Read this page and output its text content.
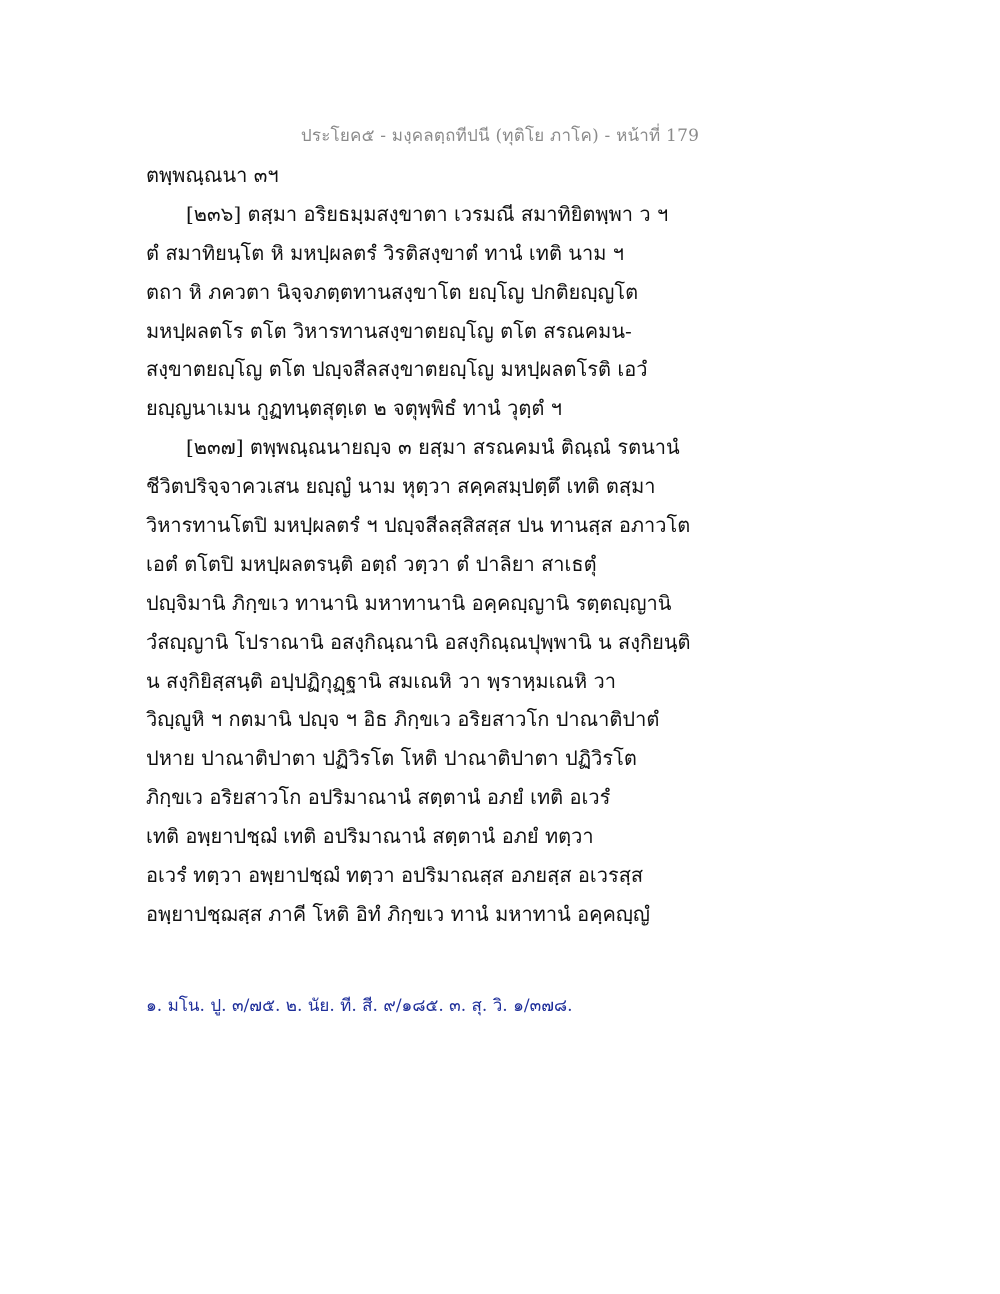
ประโยค๕ - มงฺคลตฺถทีปนี (ทุติโย ภาโค) - หน้าที่ 179
ตพฺพณฺณนา ๓ฯ
[๒๓๖] ตสฺมา อริยธมฺมสงฺขาตา เวรมณี สมาทิยิตพฺพา ว ฯ
ตํ สมาทิยนฺโต หิ มหปฺผลตรํ วิรติสงฺขาตํ ทานํ เทติ นาม ฯ
ตถา หิ ภควตา นิจฺจภตฺตทานสงฺขาโต ยญฺโญ ปกติยญฺญโต
มหปฺผลตโร ตโต วิหารทานสงฺขาตยญฺโญ ตโต สรณคมน-
สงฺขาตยญฺโญ ตโต ปญฺจสีลสงฺขาตยญฺโญ มหปฺผลตโรติ เอวํ
ยญฺญนาเมน กูฏทนฺตสุตฺเต ๒ จตุพฺพิธํ ทานํ วุตฺตํ ฯ
[๒๓๗] ตพฺพณฺณนายญฺจ ๓ ยสฺมา สรณคมนํ ติณฺณํ รตนานํ
ชีวิตปริจฺจาควเสน ยญฺญํ นาม หุตฺวา สคฺคสมฺปตฺตึ เทติ ตสฺมา
วิหารทานโตปิ มหปฺผลตรํ ฯ ปญฺจสีลสฺสิสสฺส ปน ทานสฺส อภาวโต
เอตํ ตโตปิ มหปฺผลตรนฺติ อตฺถํ วตฺวา ตํ ปาลิยา สาเธตุํ
ปญฺจิมานิ ภิกฺขเว ทานานิ มหาทานานิ อคฺคญฺญานิ รตฺตญฺญานิ
วํสญฺญานิ โปราณานิ อสงฺกิณฺณานิ อสงฺกิณฺณปุพฺพานิ น สงฺกิยนฺติ
น สงฺกิยิสฺสนฺติ อปฺปฏิกุฏฺฐานิ สมเณหิ วา พฺราหฺมเณหิ วา
วิญฺญูหิ ฯ กตมานิ ปญฺจ ฯ อิธ ภิกฺขเว อริยสาวโก ปาณาติปาตํ
ปหาย ปาณาติปาตา ปฏิวิรโต โหติ ปาณาติปาตา ปฏิวิรโต
ภิกฺขเว อริยสาวโก อปริมาณานํ สตฺตานํ อภยํ เทติ อเวรํ
เทติ อพฺยาปชฺฌํ เทติ อปริมาณานํ สตฺตานํ อภยํ ทตฺวา
อเวรํ ทตฺวา อพฺยาปชฺฌํ ทตฺวา อปริมาณสฺส อภยสฺส อเวรสฺส
อพฺยาปชฺฌสฺส ภาคี โหติ อิทํ ภิกฺขเว ทานํ มหาทานํ อคฺคญฺญํ
๑. มโน. ปู. ๓/๗๕. ๒. นัย. ที. สี. ๙/๑๘๕. ๓. สุ. วิ. ๑/๓๗๘.
